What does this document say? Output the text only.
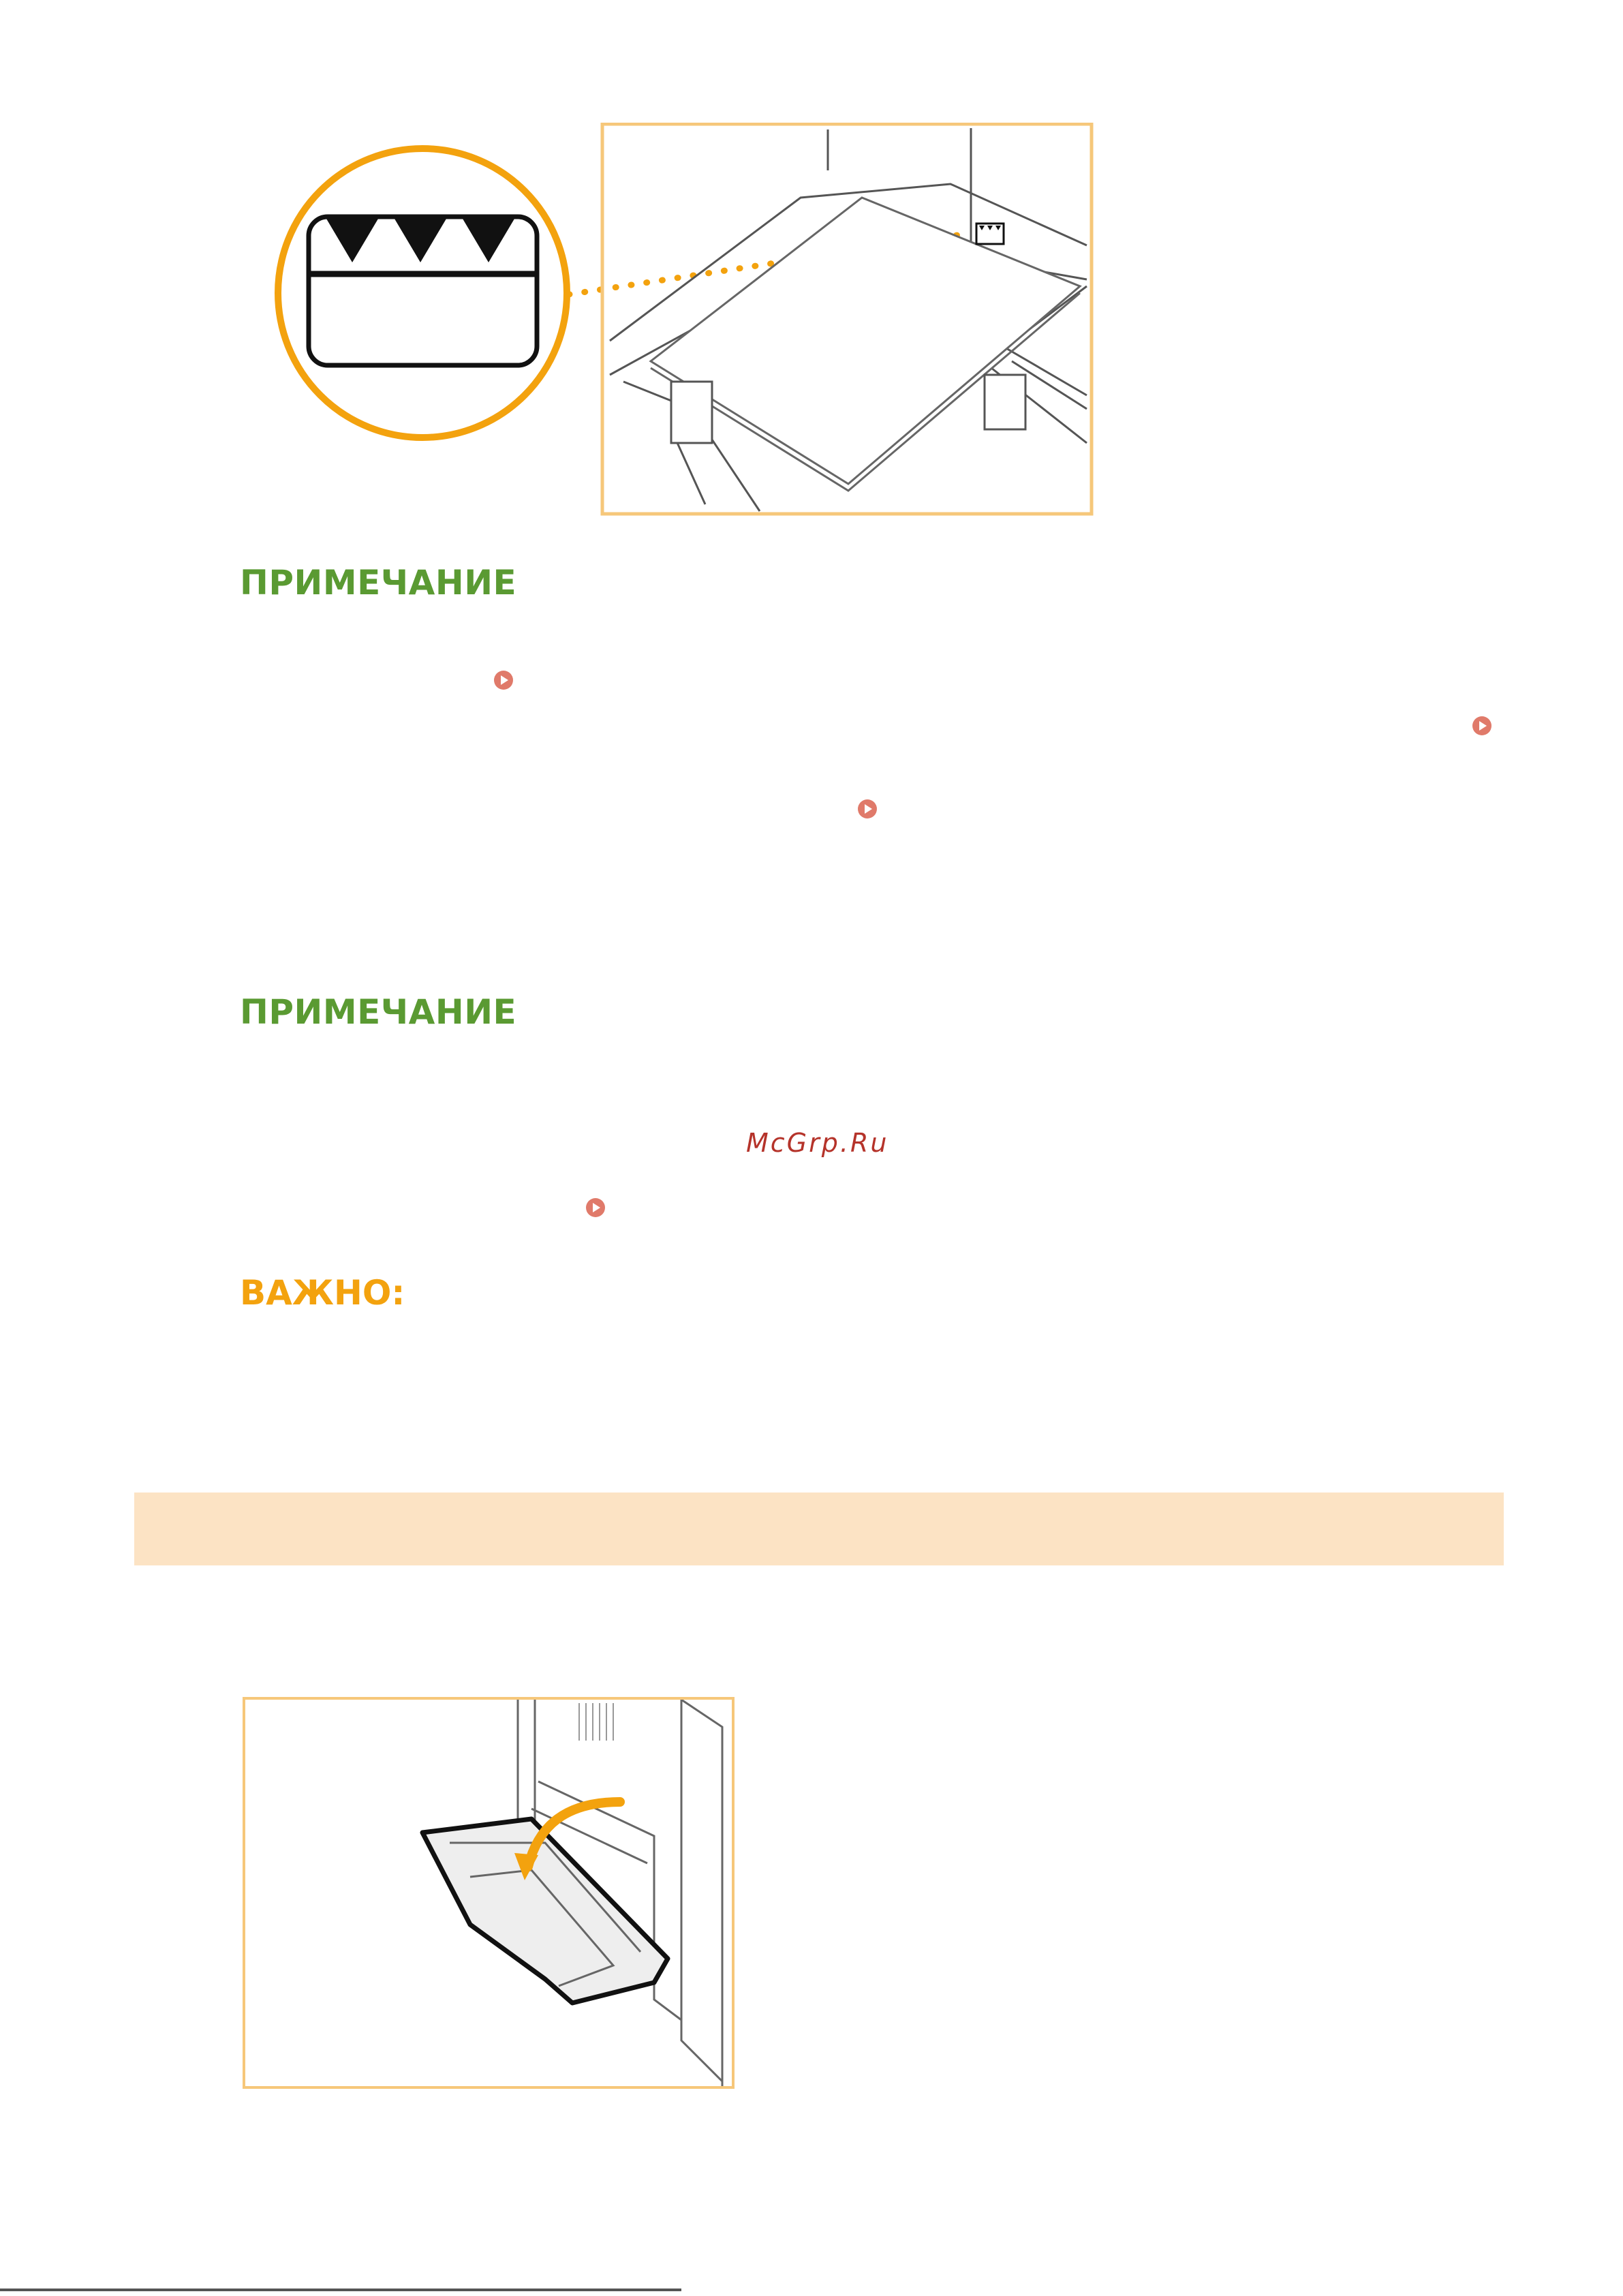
ПРИМЕЧАНИЕ
ПРИМЕЧАНИЕ
McGrp.Ru
ВАЖНО:
